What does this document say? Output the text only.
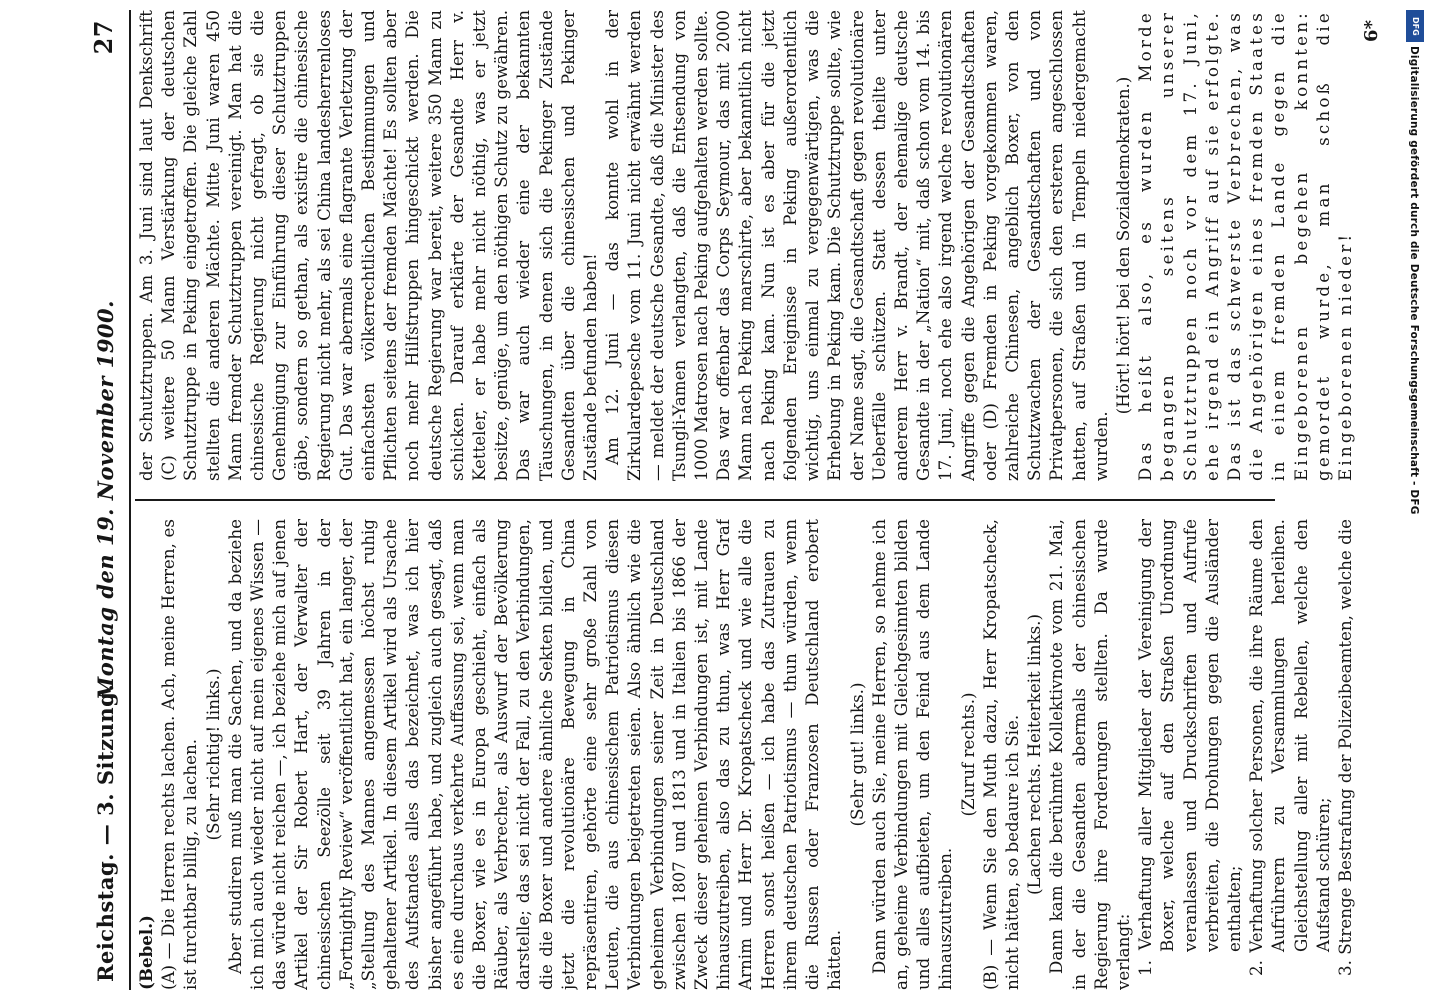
Reichstag. — 3. Sitzung.
Montag den 19. November 1900.
27

(Bebel.) (A) — Die Herren rechts lachen. Ach, meine Herren, es ist furchtbar billig, zu lachen. (Sehr richtig! links.) Aber studiren muß man die Sachen, und da beziehe ich mich auch wieder nicht auf mein eigenes Wissen — das würde nicht reichen —, ich beziehe mich auf jenen Artikel der Sir Robert Hart, der Verwalter der chinesischen Seezölle seit 39 Jahren in der „Fortnightly Review“ veröffentlicht hat, ein langer, der „Stellung des Mannes angemessen höchst ruhig gehaltener Artikel. In diesem Artikel wird als Ursache des Aufstandes alles das bezeichnet, was ich hier bisher angeführt habe, und zugleich auch gesagt, daß es eine durchaus verkehrte Auffassung sei, wenn man die Boxer, wie es in Europa geschieht, einfach als Räuber, als Verbrecher, als Auswurf der Bevölkerung darstelle; das sei nicht der Fall, zu den Verbindungen, die die Boxer und andere ähnliche Sekten bilden, und jetzt die revolutionäre Bewegung in China repräsentiren, gehörte eine sehr große Zahl von Leuten, die aus chinesischem Patriotismus diesen Verbindungen beigetreten seien. Also ähnlich wie die geheimen Verbindungen seiner Zeit in Deutschland zwischen 1807 und 1813 und in Italien bis 1866 der Zweck dieser geheimen Verbindungen ist, mit Lande hinauszutreiben, also das zu thun, was Herr Graf Arnim und Herr Dr. Kropatscheck und wie alle die Herren sonst heißen — ich habe das Zutrauen zu ihrem deutschen Patriotismus — thun würden, wenn die Russen oder Franzosen Deutschland erobert hätten.

(Sehr gut! links.) Dann würden auch Sie, meine Herren, so nehme ich an, geheime Verbindungen mit Gleichgesinnten bilden und alles aufbieten, um den Feind aus dem Lande hinauszutreiben.

(Zuruf rechts.) (B) — Wenn Sie den Muth dazu, Herr Kropatscheck, nicht hätten, so bedaure ich Sie. (Lachen rechts. Heiterkeit links.) Dann kam die berühmte Kollektivnote vom 21. Mai, in der die Gesandten abermals der chinesischen Regierung ihre Forderungen stellten. Da wurde verlangt: 1. Verhaftung aller Mitglieder der Vereinigung der Boxer, welche auf den Straßen Unordnung veranlassen und Druckschriften und Aufrufe verbreiten, die Drohungen gegen die Ausländer enthalten; 2. Verhaftung solcher Personen, die ihre Räume den Aufrührern zu Versammlungen herleihen. Gleichstellung aller mit Rebellen, welche den Aufstand schüren;

3. Strenge Bestrafung der Polizeibeamten, welche die

der Schutztruppen. Am 3. Juni sind laut Denkschrift (C) weitere 50 Mann Verstärkung der deutschen Schutztruppe in Peking eingetroffen. Die gleiche Zahl stellten die anderen Mächte. Mitte Juni waren 450 Mann fremder Schutztruppen vereinigt. Man hat die chinesische Regierung nicht gefragt, ob sie die Genehmigung zur Einführung dieser Schutztruppen gäbe, sondern so gethan, als existire die chinesische Regierung nicht mehr, als sei China landesherrenloses Gut. Das war abermals eine flagrante Verletzung der einfachsten völkerrechtlichen Bestimmungen und Pflichten seitens der fremden Mächte! Es sollten aber noch mehr Hilfstruppen hingeschickt werden. Die deutsche Regierung war bereit, weitere 350 Mann zu schicken. Darauf erklärte der Gesandte Herr v. Ketteler, er habe mehr nicht nöthig, was er jetzt besitze, genüge, um den nöthigen Schutz zu gewähren. Das war auch wieder eine der bekannten Täuschungen, in denen sich die Pekinger Zustände Gesandten über die chinesischen und Pekinger Zustände befunden haben! Am 12. Juni — das konnte wohl in der Zirkulardepesche vom 11. Juni nicht erwähnt werden — meldet der deutsche Gesandte, daß die Minister des Tsungli-Yamen verlangten, daß die Entsendung von 1000 Matrosen nach Peking aufgehalten werden sollte. Das war offenbar das Corps Seymour, das mit 2000 Mann nach Peking marschirte, aber bekanntlich nicht nach Peking kam. Nun ist es aber für die jetzt folgenden Ereignisse in Peking außerordentlich wichtig, uns einmal zu vergegenwärtigen, was die Erhebung in Peking kam. Die Schutztruppe sollte, wie der Name sagt, die Gesandtschaft gegen revolutionäre Ueberfälle schützen. Statt dessen theilte unter anderem Herr v. Brandt, der ehemalige deutsche Gesandte in der „Nation“ mit, daß schon vom 14. bis 17. Juni, noch ehe also irgend welche revolutionären Angriffe gegen die Angehörigen der Gesandtschaften oder (D) Fremden in Peking vorgekommen waren, zahlreiche Chinesen, angeblich Boxer, von den Schutzwachen der Gesandtschaften und von Privatpersonen, die sich den ersteren angeschlossen hatten, auf Straßen und in Tempeln niedergemacht wurden.

(Hört! hört! bei den Sozialdemokraten.) Das heißt also, es wurden Morde begangen seitens unserer Schutztruppen noch vor dem 17. Juni, ehe irgend ein Angriff auf sie erfolgte. Das ist das schwerste Verbrechen, was die Angehörigen eines fremden Staates in einem fremden Lande gegen die Eingeborenen begehen konnten: gemordet wurde, man schoß die Eingeborenen nieder!

6*	DFG
Digitalisierung gefördert durch die Deutsche Forschungsgemeinschaft - DFG
